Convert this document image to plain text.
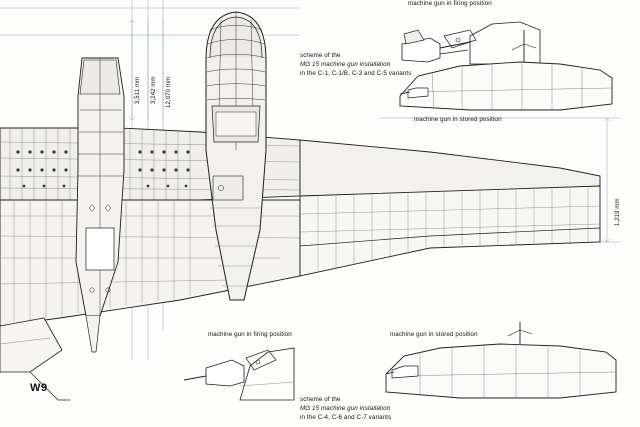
3,511 mm 3,242 mm 12,070 mm
1,219 mm
machine gun in firing position
machine gun in stored position
scheme of the
MG 15 machine gun installation
in the C-1, C-1/B, C-3 and C-5 variants
machine gun in firing position	machine gun in stored position
scheme of the
MG 15 machine gun installation
in the C-4, C-6 and C-7 variants
W9
